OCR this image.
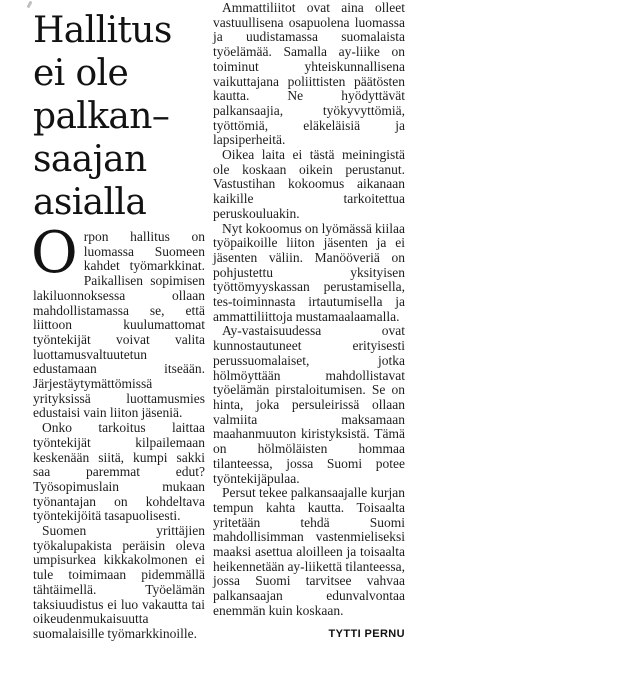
Hallitus
ei ole
palkan–
saajan
asialla

Orpon hallitus on luomassa Suomeen kahdet työmarkkinat. Paikallisen sopimisen lakiluonnoksessa ollaan mahdollistamassa se, että liittoon kuulumattomat työntekijät voivat valita luottamusvaltuutetun edustamaan itseään. Järjestäytymättömissä yrityksissä luottamusmies edustaisi vain liiton jäseniä.

Onko tarkoitus laittaa työntekijät kilpailemaan keskenään siitä, kumpi sakki saa paremmat edut? Työsopimuslain mukaan työnantajan on kohdeltava työntekijöitä tasapuolisesti.

Suomen yrittäjien työkalupakista peräisin oleva umpisurkea kikkakolmonen ei tule toimimaan pidemmällä tähtäimellä. Työelämän taksiuudistus ei luo vakautta tai oikeudenmukaisuutta suomalaisille työmarkkinoille.

Ammattiliitot ovat aina olleet vastuullisena osapuolena luomassa ja uudistamassa suomalaista työelämää. Samalla ay-liike on toiminut yhteiskunnallisena vaikuttajana poliittisten päätösten kautta. Ne hyödyttävät palkansaajia, työkyvyttömiä, työttömiä, eläkeläisiä ja lapsiperheitä.

Oikea laita ei tästä meiningistä ole koskaan oikein perustanut. Vastustihan kokoomus aikanaan kaikille tarkoitettua peruskouluakin.

Nyt kokoomus on lyömässä kiilaa työpaikoille liiton jäsenten ja ei jäsenten väliin. Manööveriä on pohjustettu yksityisen työttömyyskassan perustamisella, tes-toiminnasta irtautumisella ja ammattiliittoja mustamaalaamalla.

Ay-vastaisuudessa ovat kunnostautuneet erityisesti perussuomalaiset, jotka hölmöyttään mahdollistavat työelämän pirstaloitumisen. Se on hinta, joka persuleirissä ollaan valmiita maksamaan maahanmuuton kiristyksistä. Tämä on hölmöläisten hommaa tilanteessa, jossa Suomi potee työntekijäpulaa.

Persut tekee palkansaajalle kurjan tempun kahta kautta. Toisaalta yritetään tehdä Suomi mahdollisimman vastenmieliseksi maaksi asettua aloilleen ja toisaalta heikennetään ay-liikettä tilanteessa, jossa Suomi tarvitsee vahvaa palkansaajan edunvalvontaa enemmän kuin koskaan.

TYTTI PERNU
